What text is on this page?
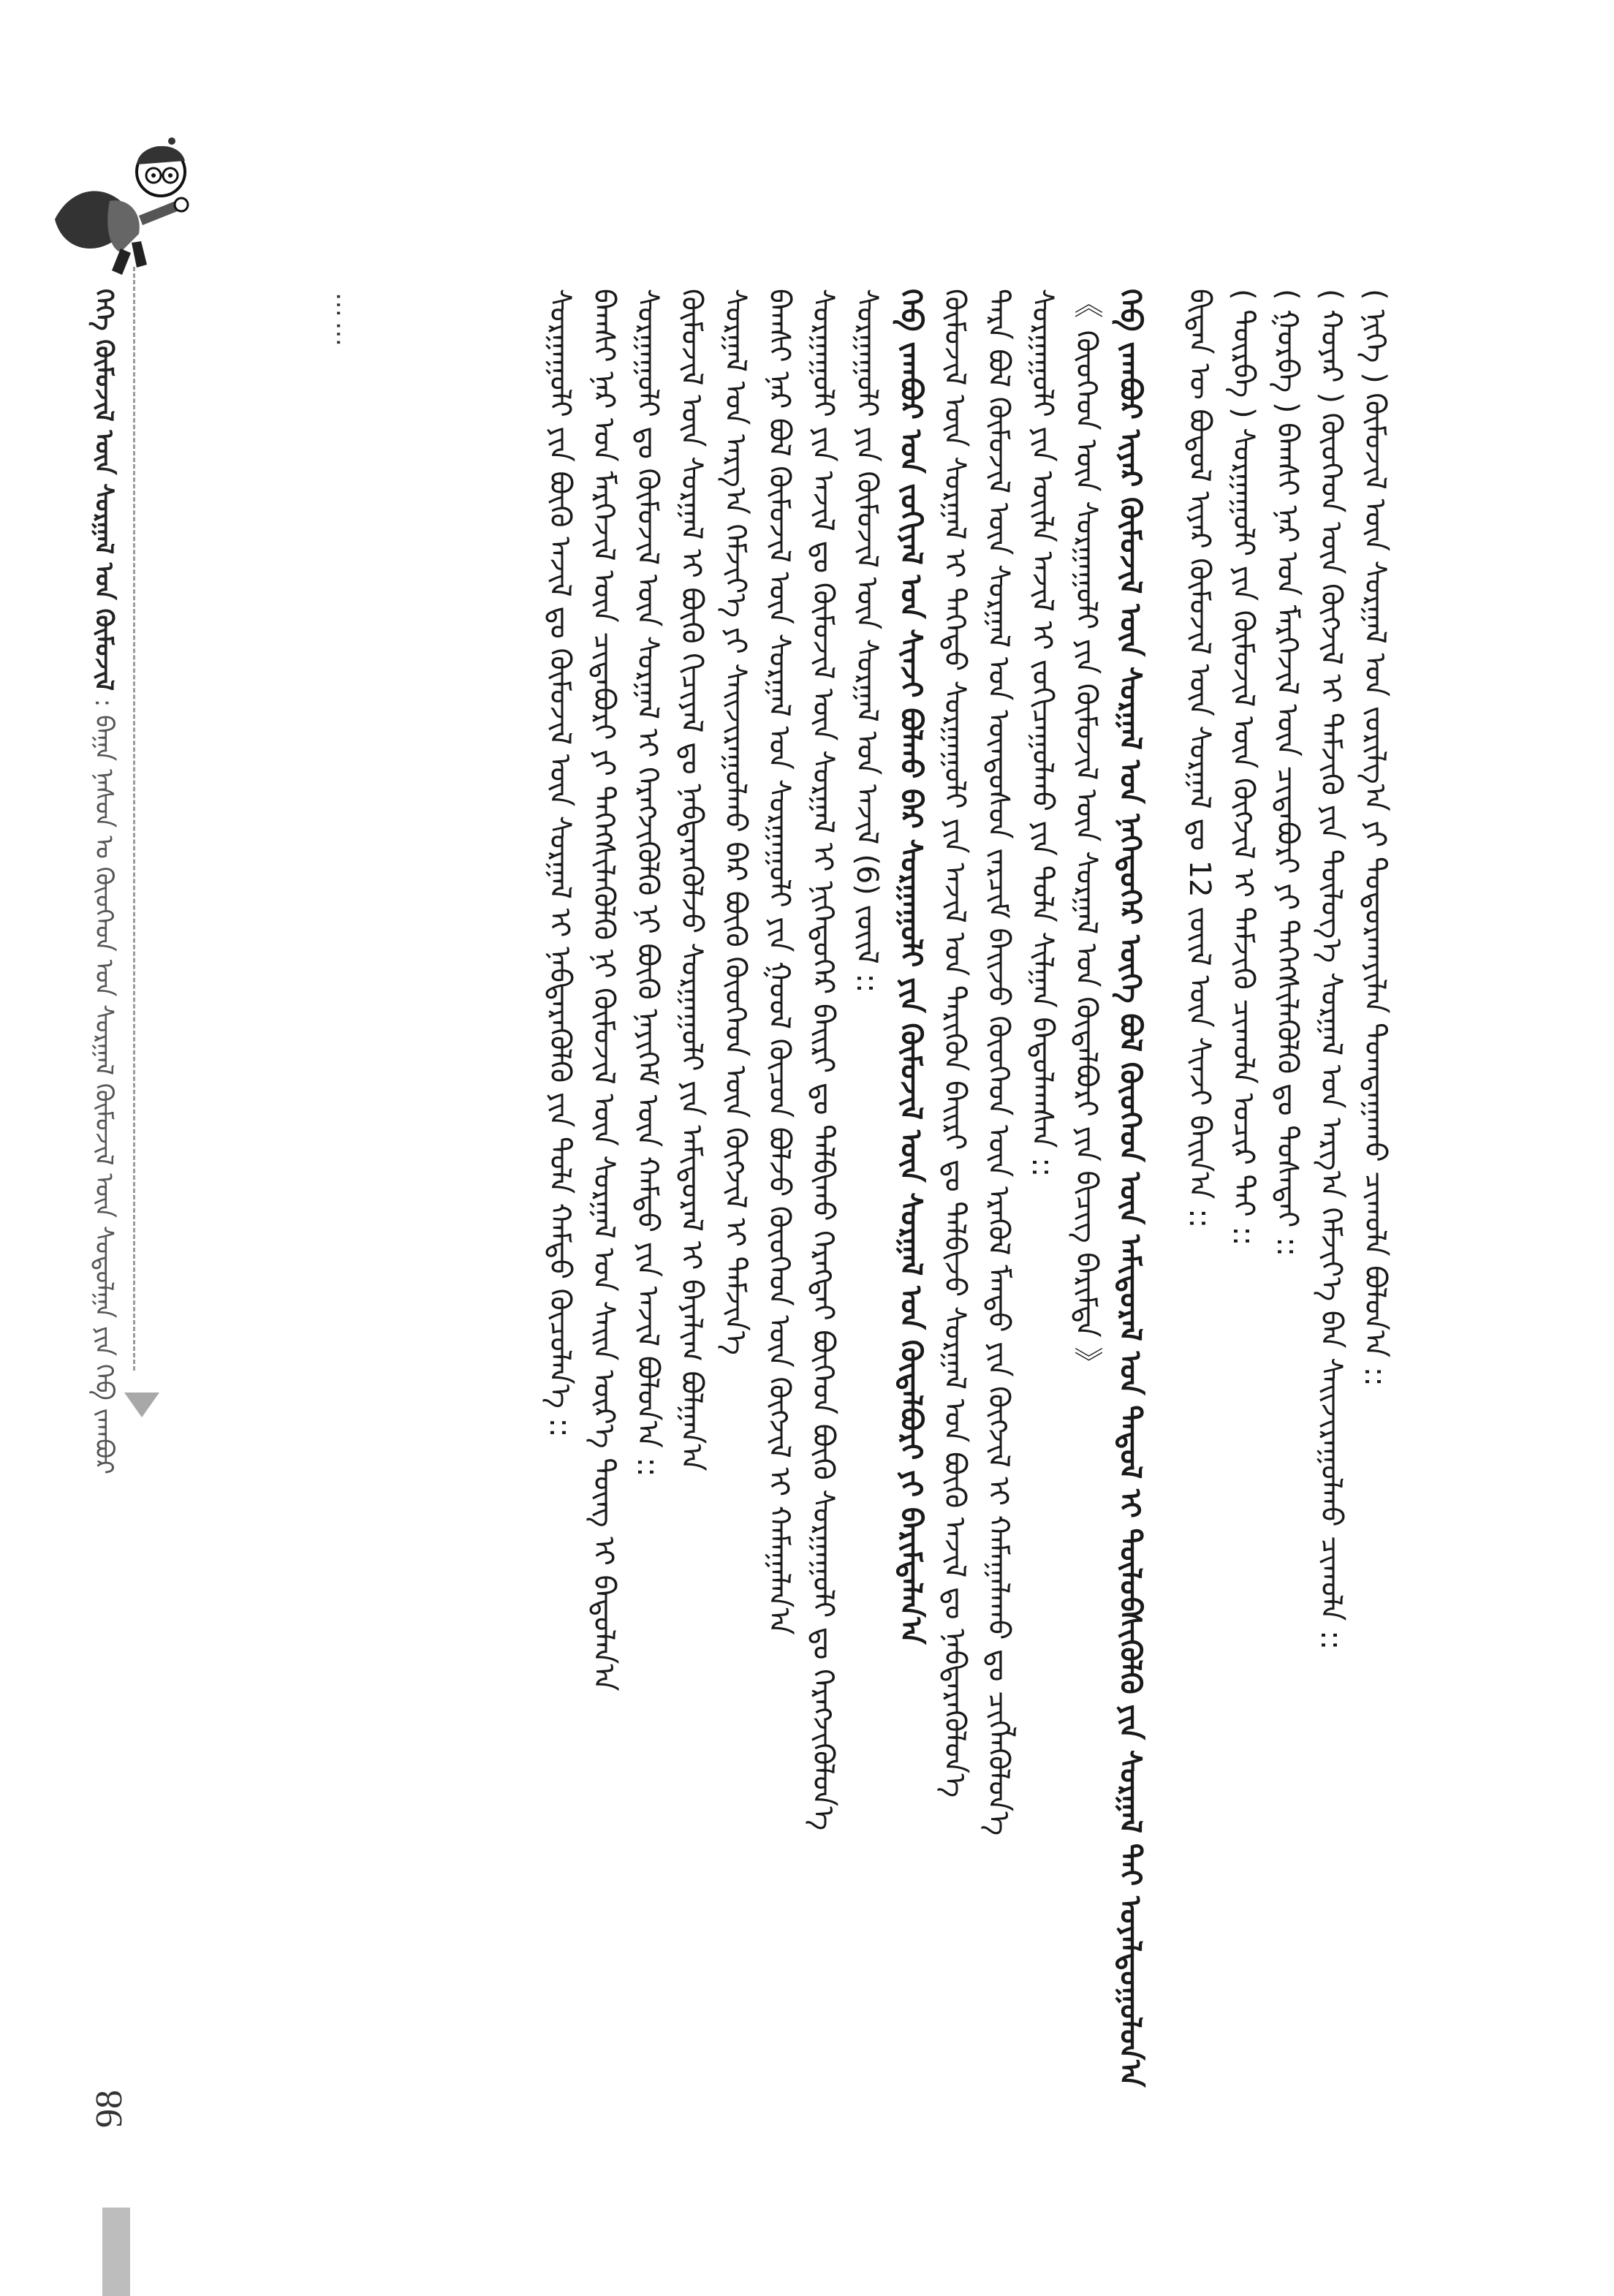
ᠬᠡᠬᠡ ᠬᠦᠮᠦᠵᠢᠯ ᠦᠨ ᠰᠤᠷᠭᠠᠯ ᠤᠨ ᠬᠦᠮᠦᠵᠢᠯ : ᠪᠠᠭᠠ ᠨᠠᠰᠤᠨ ᠤ ᠬᠦᠦᠬᠡᠳ ᠤᠨ ᠰᠤᠷᠭᠠᠯ ᠬᠦᠮᠦᠵᠢᠯ ᠦᠨ ᠰᠤᠳᠤᠯᠭᠠ ᠶᠢᠨ ᠬᠡᠪ ᠵᠠᠭᠪᠤᠷ	( ᠨᠢᠭᠡ ) ᠬᠦᠮᠦᠵᠢᠯ ᠦᠨ ᠰᠤᠷᠭᠠᠯ ᠤᠨ ᠵᠤᠷᠢᠯᠭ᠎ᠠ ᠶᠢ ᠲᠣᠳᠤᠷᠬᠠᠶᠢᠯᠠᠨ ᠲᠣᠭᠲᠠᠭᠠᠬᠤ ᠴᠢᠬᠤᠯᠠ ᠪᠣᠯᠤᠨ᠎ᠠ ::
( ᠬᠤᠶᠠᠷ ) ᠬᠦᠦᠬᠡᠳ ᠦᠨ ᠬᠥᠭᠵᠢᠯ ᠢ ᠳᠡᠮᠵᠢᠬᠦ ᠶᠢᠨ ᠲᠥᠯᠥᠭ᠎ᠡ ᠰᠤᠷᠭᠠᠯ ᠤᠨ ᠠᠷᠭ᠎ᠠ ᠬᠡᠮᠵᠢᠶ᠎ᠡ ᠪᠡᠨ ᠰᠠᠢᠵᠢᠷᠠᠭᠤᠯᠬᠤ ᠴᠢᠬᠤᠯᠠ ::
( ᠭᠤᠷᠪᠠ ) ᠪᠠᠭᠰᠢ ᠨᠠᠷ ᠤᠨ ᠮᠡᠷᠭᠡᠵᠢᠯ ᠦᠨ ᠴᠢᠳᠠᠪᠤᠷᠢ ᠶᠢ ᠳᠡᠭᠡᠭᠰᠢᠯᠡᠭᠦᠯᠬᠦ ᠳᠤ ᠲᠤᠰᠠᠲᠠᠢ ::
( ᠳᠥᠷᠪᠡ ) ᠰᠤᠷᠭᠠᠭᠤᠯᠢ ᠶᠢᠨ ᠬᠦᠮᠦᠵᠢᠯ ᠦᠨ ᠬᠥᠭᠵᠢᠯ ᠢ ᠳᠡᠮᠵᠢᠬᠦ ᠴᠢᠬᠤᠯᠠ ᠤᠴᠢᠷ ᠲᠠᠢ ::
ᠪᠢᠳᠡᠨ ᠦ ᠪᠣᠳᠣᠯ ᠢᠶᠠᠷ ᠬᠦᠮᠦᠵᠢᠯ ᠦᠨ ᠰᠤᠷᠭᠠᠯ ᠳᠤ 12 ᠵᠦᠢᠯ ᠦᠨ ᠰᠢᠨᠵᠢ ᠪᠠᠢᠨ᠎ᠠ ::
ᠬᠡᠪ ᠵᠠᠭᠪᠤᠷ ᠢᠶᠠᠷ ᠬᠦᠮᠦᠵᠢᠯ ᠦᠨ ᠰᠤᠷᠭᠠᠯ ᠤᠨ ᠨᠡᠭᠡᠳᠦᠭᠡᠷ ᠦᠭᠡ ᠪᠣᠯ ᠬᠦᠦᠬᠡᠳ ᠦᠨ ᠠᠮᠢᠳᠤᠷᠠᠯ ᠤᠨ ᠳᠠᠳᠤᠯ ᠢ ᠲᠥᠯᠥᠪᠰᠢᠭᠦᠯᠬᠦ ᠶᠢᠨ ᠰᠤᠷᠭᠠᠯ ᠲᠠᠢ ᠤᠶᠠᠯᠳᠤᠭᠤᠯᠤᠨ᠎ᠠ
《 ᠬᠦᠦᠬᠡᠳ ᠦᠨ ᠰᠤᠷᠭᠠᠭᠤᠯᠢ ᠶᠢᠨ ᠬᠦᠮᠦᠵᠢᠯ ᠦᠨ ᠰᠤᠷᠭᠠᠯ ᠤᠨ ᠬᠥᠲᠡᠯᠪᠦᠷᠢ ᠶᠢᠨ ᠪᠢᠴᠢᠭ ᠪᠠᠷᠢᠮᠲᠠ 》
ᠰᠤᠷᠭᠠᠭᠤᠯᠢ ᠶᠢᠨ ᠦᠢᠯᠡ ᠠᠵᠢᠯ ᠢ ᠵᠤᠬᠢᠴᠠᠭᠤᠯᠬᠤ ᠶᠢᠨ ᠲᠤᠯᠠ ᠰᠢᠯᠭᠠᠨ ᠪᠠᠲᠤᠯᠠᠭᠰᠠᠨ ::
ᠲᠡᠷᠡ ᠪᠣᠯ ᠬᠦᠮᠦᠵᠢᠯ ᠦᠨ ᠰᠤᠷᠭᠠᠯ ᠤᠨ ᠦᠨᠳᠦᠰᠦᠨ ᠵᠠᠷᠴᠢᠮ ᠪᠠᠢᠵᠤ ᠬᠦᠦᠬᠡᠳ ᠦᠨ ᠡᠷᠡᠭᠦᠯ ᠮᠡᠨᠳᠦ ᠶᠢᠨ ᠬᠥᠭᠵᠢᠯ ᠢ ᠬᠠᠮᠠᠭᠠᠯᠠᠬᠤ ᠳᠤ ᠴᠢᠭᠯᠡᠭᠦᠯᠦᠨ᠎ᠡ
ᠬᠦᠮᠦᠵᠢᠯ ᠦᠨ ᠰᠤᠷᠭᠠᠯ ᠢ ᠳᠡᠭᠡᠳᠦ ᠰᠤᠷᠭᠠᠭᠤᠯᠢ ᠶᠢᠨ ᠠᠵᠢᠯ ᠤᠨ ᠲᠡᠷᠢᠭᠦᠨ ᠪᠠᠢᠷᠢ ᠳᠤ ᠲᠠᠯᠪᠢᠵᠤ ᠰᠤᠷᠭᠠᠯ ᠤᠨ ᠪᠦᠬᠦ ᠠᠵᠢᠯ ᠳᠤ ᠨᠡᠪᠲᠡᠷᠡᠭᠦᠯᠦᠨ᠎ᠡ
ᠬᠡᠪ ᠵᠠᠭᠪᠤᠷ ᠤᠨ ᠵᠣᠬᠢᠶᠠᠯ ᠤᠨ ᠰᠢᠨᠵᠢ ᠪᠣᠯᠬᠤ ᠪᠠᠷ ᠰᠤᠷᠭᠠᠭᠤᠯᠢ ᠶᠢᠨ ᠬᠦᠮᠦᠵᠢᠯ ᠦᠨ ᠰᠤᠷᠭᠠᠯ ᠤᠨ ᠬᠥᠲᠡᠯᠪᠦᠷᠢ ᠶᠢ ᠪᠠᠷᠢᠮᠲᠠᠯᠠᠨ᠎ᠠ
ᠰᠤᠷᠭᠠᠭᠤᠯᠢ ᠶᠢᠨ ᠬᠦᠮᠦᠵᠢᠯ ᠦᠨ ᠰᠤᠷᠭᠠᠯ ᠤᠨ ᠠᠵᠢᠯ (6) ᠵᠦᠢᠯ ::
ᠰᠤᠷᠭᠠᠭᠤᠯᠢ ᠶᠢᠨ ᠠᠵᠢᠯ ᠳᠤ ᠬᠦᠮᠦᠵᠢᠯ ᠦᠨ ᠰᠤᠷᠭᠠᠯ ᠢ ᠨᠢᠭᠡᠳᠦᠭᠡᠷ ᠪᠠᠢᠷᠢ ᠳᠤ ᠲᠠᠯᠪᠢᠬᠤ ᠬᠡᠷᠡᠭᠲᠡᠢ ᠪᠥᠭᠡᠳ ᠪᠦᠬᠦ ᠰᠤᠷᠭᠠᠭᠤᠯᠢ ᠳᠤ ᠬᠡᠷᠡᠭᠵᠢᠭᠦᠯᠦᠨ᠎ᠡ
ᠪᠠᠭᠰᠢ ᠨᠠᠷ ᠪᠣᠯ ᠬᠦᠮᠦᠵᠢᠯ ᠦᠨ ᠰᠤᠷᠭᠠᠯ ᠤᠨ ᠰᠤᠷᠭᠠᠭᠤᠯᠢ ᠶᠢᠨ ᠭᠣᠣᠯ ᠬᠦᠴᠦᠨ ᠪᠣᠯᠵᠤ ᠬᠦᠦᠬᠡᠳ ᠦᠨ ᠬᠥᠭᠵᠢᠯ ᠢ ᠬᠠᠮᠠᠭᠠᠯᠠᠨ᠎ᠠ
ᠰᠤᠷᠭᠠᠯ ᠤᠨ ᠠᠷᠭ᠎ᠠ ᠬᠡᠮᠵᠢᠶ᠎ᠡ ᠶᠢ ᠰᠠᠢᠵᠢᠷᠠᠭᠤᠯᠬᠤ ᠪᠠᠷ ᠪᠦᠬᠦ ᠬᠦᠦᠬᠡᠳ ᠦᠨ ᠬᠥᠭᠵᠢᠯ ᠢ ᠳᠡᠮᠵᠢᠨ᠎ᠡ
ᠬᠦᠮᠦᠵᠢᠯ ᠦᠨ ᠰᠤᠷᠭᠠᠯ ᠢ ᠪᠦᠬᠦ ᠬᠢᠴᠢᠶᠡᠯ ᠳᠤ ᠨᠡᠪᠲᠡᠷᠡᠭᠦᠯᠵᠦ ᠰᠤᠷᠭᠠᠭᠤᠯᠢ ᠶᠢᠨ ᠠᠮᠢᠳᠤᠷᠠᠯ ᠢ ᠪᠠᠶᠠᠯᠢᠭ ᠪᠣᠯᠭᠠᠨ᠎ᠠ
ᠰᠤᠷᠭᠠᠭᠤᠯᠢ ᠳᠤ ᠬᠦᠮᠦᠵᠢᠯ ᠦᠨ ᠰᠤᠷᠭᠠᠯ ᠢ ᠬᠡᠷᠡᠭᠵᠢᠭᠦᠯᠬᠦ ᠨᠢ ᠪᠦᠬᠦ ᠨᠡᠶᠢᠭᠡᠮ ᠦᠨ ᠬᠠᠮᠲᠤ ᠶᠢᠨ ᠠᠵᠢᠯ ᠪᠣᠯᠤᠨ᠎ᠠ ::
ᠪᠠᠭᠰᠢ ᠨᠠᠷ ᠤᠨ ᠮᠡᠷᠭᠡᠵᠢᠯ ᠦᠨ ᠴᠢᠳᠠᠪᠤᠷᠢ ᠶᠢ ᠳᠡᠭᠡᠭᠰᠢᠯᠡᠭᠦᠯᠬᠦ ᠨᠢ ᠬᠦᠮᠦᠵᠢᠯ ᠦᠨ ᠰᠤᠷᠭᠠᠯ ᠤᠨ ᠰᠠᠢᠨ ᠦᠷ᠎ᠡ ᠳᠦᠩ ᠢ ᠪᠠᠲᠤᠯᠠᠨ᠎ᠠ
ᠰᠤᠷᠭᠠᠭᠤᠯᠢ ᠶᠢᠨ ᠪᠦᠬᠦ ᠠᠵᠢᠯ ᠳᠤ ᠬᠦᠮᠦᠵᠢᠯ ᠦᠨ ᠰᠤᠷᠭᠠᠯ ᠢ ᠨᠡᠪᠲᠡᠷᠡᠭᠦᠯᠬᠦ ᠶᠢᠨ ᠲᠤᠯᠠ ᠬᠠᠮᠲᠤ ᠬᠦᠴᠦᠯᠡᠨ᠎ᠡ ::
……
98
